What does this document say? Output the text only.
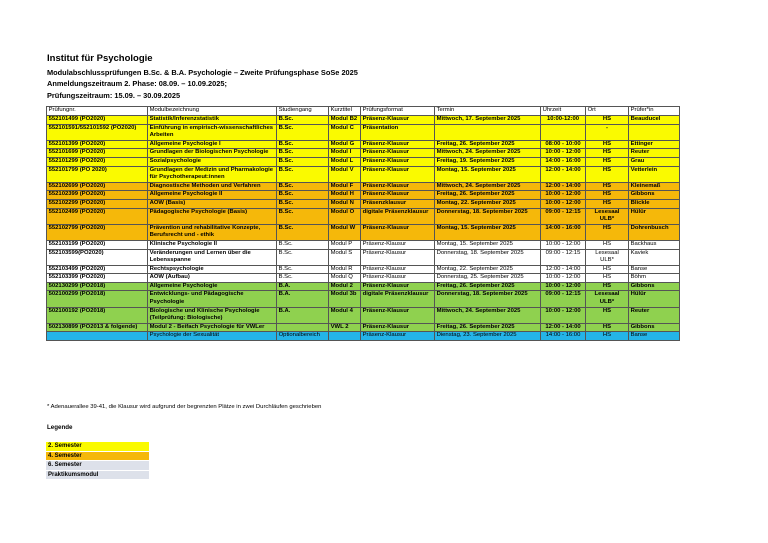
Institut für Psychologie
Modulabschlussprüfungen B.Sc. & B.A. Psychologie – Zweite Prüfungsphase SoSe 2025
Anmeldungszeitraum 2. Phase: 08.09. – 10.09.2025;
Prüfungszeitraum: 15.09. – 30.09.2025
Prüfungnr.	Modulbezeichnung	Studiengang	Kurztitel	Prüfungsformat	Termin	Uhrzeit	Ort	Prüfer*in
552101499 (PO2020)	Statistik/Inferenzstatistik	B.Sc.	Modul B2	Präsenz-Klausur	Mittwoch, 17. September 2025	10:00-12:00	HS	Beauducel
552101591/552101592 (PO2020)	Einführung in empirisch-wissenschaftliches Arbeiten	B.Sc.	Modul C	Präsentation			-	
552101399 (PO2020)	Allgemeine Psychologie I	B.Sc.	Modul G	Präsenz-Klausur	Freitag, 26. September 2025	08:00 - 10:00	HS	Ettinger
552101699 (PO2020)	Grundlagen der Biologischen Psychologie	B.Sc.	Modul I	Präsenz-Klausur	Mittwoch, 24. September 2025	10:00 - 12:00	HS	Reuter
552101299 (PO2020)	Sozialpsychologie	B.Sc.	Modul L	Präsenz-Klausur	Freitag, 19. September 2025	14:00 - 16:00	HS	Grau
552101799 (PO 2020)	Grundlagen der Medizin und Pharmakologie für Psychotherapeut:innen	B.Sc.	Modul V	Präsenz-Klausur	Montag, 15. September 2025	12:00 - 14:00	HS	Vetterlein
552102699 (PO2020)	Diagnostische Methoden und Verfahren	B.Sc.	Modul F	Präsenz-Klausur	Mittwoch, 24. September 2025	12:00 - 14:00	HS	Kleinemaß
552102399 (PO2020)	Allgemeine Psychologie II	B.Sc.	Modul H	Präsenz-Klausur	Freitag, 26. September 2025	10:00 - 12:00	HS	Gibbons
552102299 (PO2020)	AOW (Basis)	B.Sc.	Modul N	Präsenzklausur	Montag, 22. September 2025	10:00 - 12:00	HS	Blickle
552102499 (PO2020)	Pädagogische Psychologie (Basis)	B.Sc.	Modul O	digitale Präsenzklausur	Donnerstag, 18. September 2025	09:00 - 12:15	Lesesaal ULB*	Hülür
552102799 (PO2020)	Prävention und rehabilitative Konzepte, Berufsrecht und - ethik	B.Sc.	Modul W	Präsenz-Klausur	Montag, 15. September 2025	14:00 - 16:00	HS	Dohrenbusch
552103199 (PO2020)	Klinische Psychologie II	B.Sc.	Modul P	Präsenz-Klausur	Montag, 15. September 2025	10:00 - 12:00	HS	Backhaus
552103599(PO2020)	Veränderungen und Lernen über die Lebensspanne	B.Sc.	Modul S	Präsenz-Klausur	Donnerstag, 18. September 2025	09:00 - 12:15	Lesesaal ULB*	Kaviek
552103499 (PO2020)	Rechtspsychologie	B.Sc.	Modul R	Präsenz-Klausur	Montag, 22. September 2025	12:00 - 14:00	HS	Banse
552103399 (PO2020)	AOW (Aufbau)	B.Sc.	Modul Q	Präsenz-Klausur	Donnerstag, 25. September 2025	10:00 - 12:00	HS	Böhm
502130299 (PO2018)	Allgemeine Psychologie	B.A.	Modul 2	Präsenz-Klausur	Freitag, 26. September 2025	10:00 - 12:00	HS	Gibbons
502100299 (PO2018)	Entwicklungs- und Pädagogische Psychologie	B.A.	Modul 3b	digitale Präsenzklausur	Donnerstag, 18. September 2025	09:00 - 12:15	Lesesaal ULB*	Hülür
502100192 (PO2018)	Biologische und Klinische Psychologie (Teilprüfung: Biologische)	B.A.	Modul 4	Präsenz-Klausur	Mittwoch, 24. September 2025	10:00 - 12:00	HS	Reuter
502130899 (PO2013 & folgende)	Modul 2 - Beifach Psychologie für VWLer		VWL 2	Präsenz-Klausur	Freitag, 26. September 2025	12:00 - 14:00	HS	Gibbons
	Psychologie der Sexualität	Optionalbereich		Präsenz-Klausur	Dienstag, 23. September 2025	14:00 - 16:00	HS	Banse
* Adenauerallee 39-41, die Klausur wird aufgrund der begrenzten Plätze in zwei Durchläufen geschrieben
Legende
2. Semester
4. Semester
6. Semester
Praktikumsmodul
